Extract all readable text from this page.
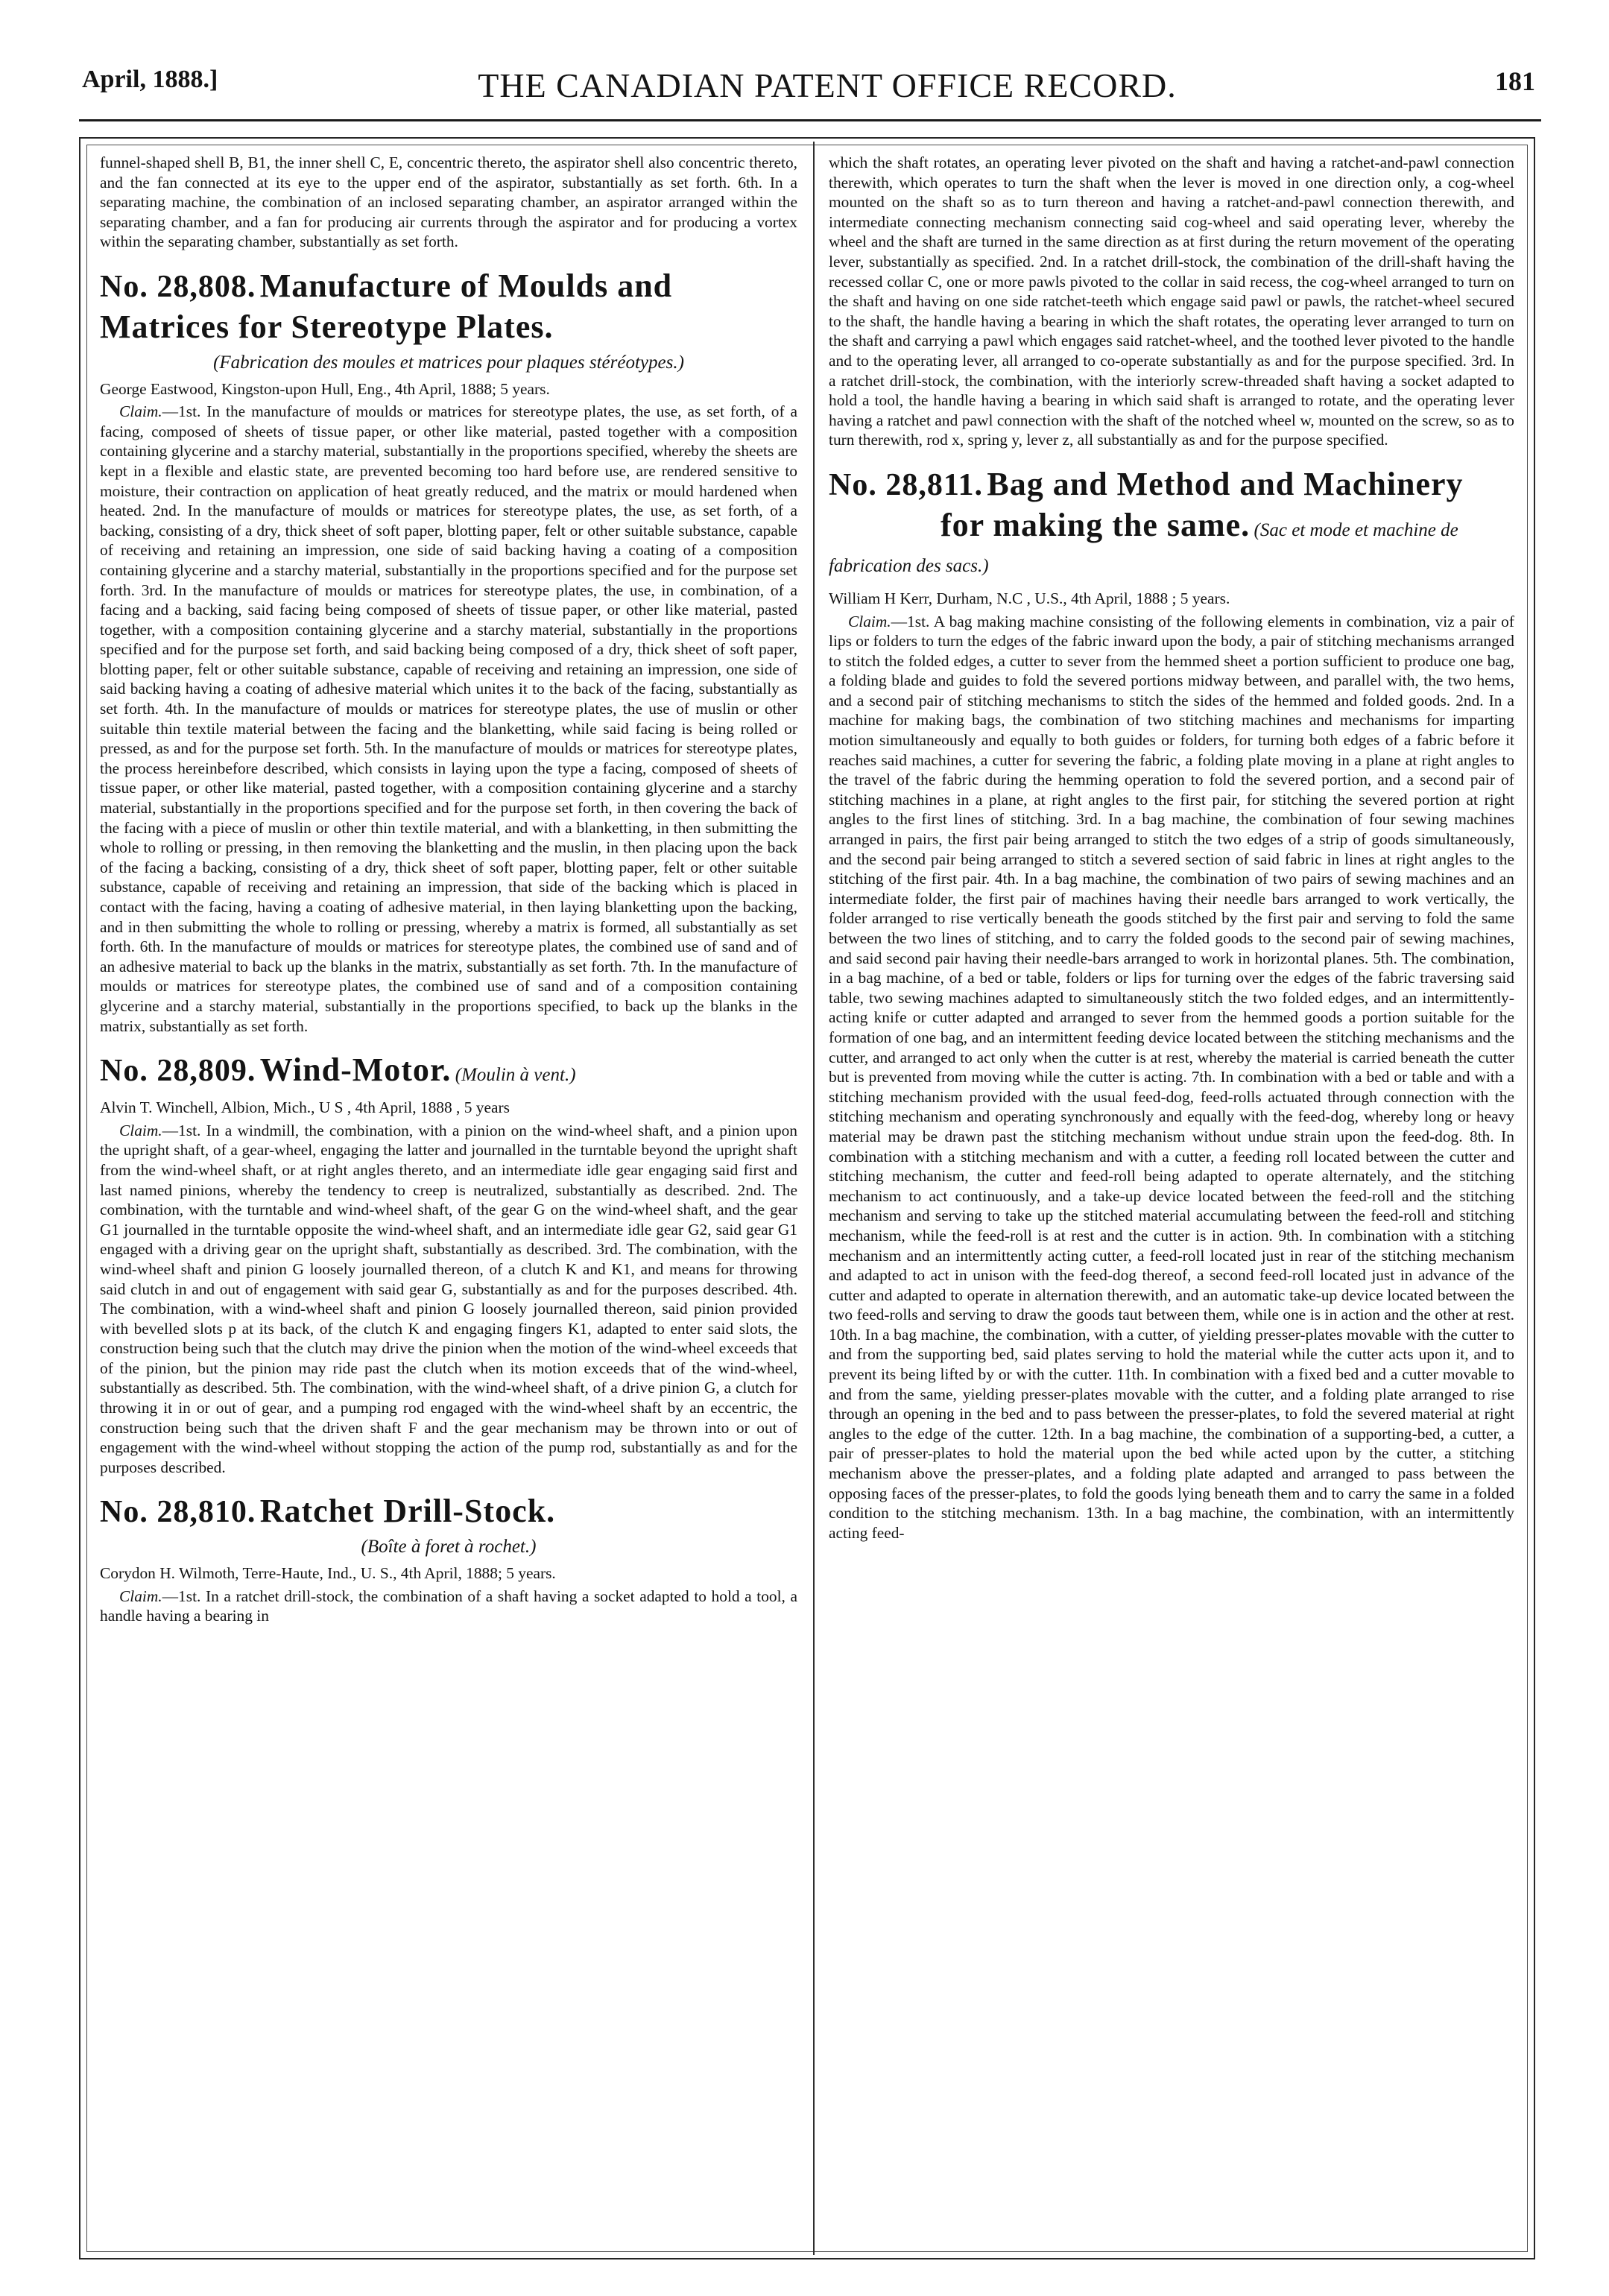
April, 1888.]	THE CANADIAN PATENT OFFICE RECORD.	181

funnel-shaped shell B, B1, the inner shell C, E, concentric thereto, the aspirator shell also concentric thereto, and the fan connected at its eye to the upper end of the aspirator, substantially as set forth. 6th. In a separating machine, the combination of an inclosed separating chamber, an aspirator arranged within the separating chamber, and a fan for producing air currents through the aspirator and for producing a vortex within the separating chamber, substantially as set forth.

No. 28,808. Manufacture of Moulds and Matrices for Stereotype Plates.
(Fabrication des moules et matrices pour plaques stéréotypes.)
George Eastwood, Kingston-upon Hull, Eng., 4th April, 1888; 5 years.

Claim.—1st. In the manufacture of moulds or matrices for stereotype plates, the use, as set forth, of a facing, composed of sheets of tissue paper, or other like material, pasted together with a composition containing glycerine and a starchy material, substantially in the proportions specified, whereby the sheets are kept in a flexible and elastic state, are prevented becoming too hard before use, are rendered sensitive to moisture, their contraction on application of heat greatly reduced, and the matrix or mould hardened when heated. 2nd. In the manufacture of moulds or matrices for stereotype plates, the use, as set forth, of a backing, consisting of a dry, thick sheet of soft paper, blotting paper, felt or other suitable substance, capable of receiving and retaining an impression, one side of said backing having a coating of a composition containing glycerine and a starchy material, substantially in the proportions specified and for the purpose set forth. 3rd. In the manufacture of moulds or matrices for stereotype plates, the use, in combination, of a facing and a backing, said facing being composed of sheets of tissue paper, or other like material, pasted together, with a composition containing glycerine and a starchy material, substantially in the proportions specified and for the purpose set forth, and said backing being composed of a dry, thick sheet of soft paper, blotting paper, felt or other suitable substance, capable of receiving and retaining an impression, one side of said backing having a coating of adhesive material which unites it to the back of the facing, substantially as set forth. 4th. In the manufacture of moulds or matrices for stereotype plates, the use of muslin or other suitable thin textile material between the facing and the blanketting, while said facing is being rolled or pressed, as and for the purpose set forth. 5th. In the manufacture of moulds or matrices for stereotype plates, the process hereinbefore described, which consists in laying upon the type a facing, composed of sheets of tissue paper, or other like material, pasted together, with a composition containing glycerine and a starchy material, substantially in the proportions specified and for the purpose set forth, in then covering the back of the facing with a piece of muslin or other thin textile material, and with a blanketting, in then submitting the whole to rolling or pressing, in then removing the blanketting and the muslin, in then placing upon the back of the facing a backing, consisting of a dry, thick sheet of soft paper, blotting paper, felt or other suitable substance, capable of receiving and retaining an impression, that side of the backing which is placed in contact with the facing, having a coating of adhesive material, in then laying blanketting upon the backing, and in then submitting the whole to rolling or pressing, whereby a matrix is formed, all substantially as set forth. 6th. In the manufacture of moulds or matrices for stereotype plates, the combined use of sand and of an adhesive material to back up the blanks in the matrix, substantially as set forth. 7th. In the manufacture of moulds or matrices for stereotype plates, the combined use of sand and of a composition containing glycerine and a starchy material, substantially in the proportions specified, to back up the blanks in the matrix, substantially as set forth.

No. 28,809. Wind-Motor. (Moulin à vent.)
Alvin T. Winchell, Albion, Mich., U S , 4th April, 1888 , 5 years

Claim.—1st. In a windmill, the combination, with a pinion on the wind-wheel shaft, and a pinion upon the upright shaft, of a gear-wheel, engaging the latter and journalled in the turntable beyond the upright shaft from the wind-wheel shaft, or at right angles thereto, and an intermediate idle gear engaging said first and last named pinions, whereby the tendency to creep is neutralized, substantially as described. 2nd. The combination, with the turntable and wind-wheel shaft, of the gear G on the wind-wheel shaft, and the gear G1 journalled in the turntable opposite the wind-wheel shaft, and an intermediate idle gear G2, said gear G1 engaged with a driving gear on the upright shaft, substantially as described. 3rd. The combination, with the wind-wheel shaft and pinion G loosely journalled thereon, of a clutch K and K1, and means for throwing said clutch in and out of engagement with said gear G, substantially as and for the purposes described. 4th. The combination, with a wind-wheel shaft and pinion G loosely journalled thereon, said pinion provided with bevelled slots p at its back, of the clutch K and engaging fingers K1, adapted to enter said slots, the construction being such that the clutch may drive the pinion when the motion of the wind-wheel exceeds that of the pinion, but the pinion may ride past the clutch when its motion exceeds that of the wind-wheel, substantially as described. 5th. The combination, with the wind-wheel shaft, of a drive pinion G, a clutch for throwing it in or out of gear, and a pumping rod engaged with the wind-wheel shaft by an eccentric, the construction being such that the driven shaft F and the gear mechanism may be thrown into or out of engagement with the wind-wheel without stopping the action of the pump rod, substantially as and for the purposes described.

No. 28,810. Ratchet Drill-Stock.
(Boîte à foret à rochet.)
Corydon H. Wilmoth, Terre-Haute, Ind., U. S., 4th April, 1888; 5 years.

Claim.—1st. In a ratchet drill-stock, the combination of a shaft having a socket adapted to hold a tool, a handle having a bearing in

which the shaft rotates, an operating lever pivoted on the shaft and having a ratchet-and-pawl connection therewith, which operates to turn the shaft when the lever is moved in one direction only, a cog-wheel mounted on the shaft so as to turn thereon and having a ratchet-and-pawl connection therewith, and intermediate connecting mechanism connecting said cog-wheel and said operating lever, whereby the wheel and the shaft are turned in the same direction as at first during the return movement of the operating lever, substantially as specified. 2nd. In a ratchet drill-stock, the combination of the drill-shaft having the recessed collar C, one or more pawls pivoted to the collar in said recess, the cog-wheel arranged to turn on the shaft and having on one side ratchet-teeth which engage said pawl or pawls, the ratchet-wheel secured to the shaft, the handle having a bearing in which the shaft rotates, the operating lever arranged to turn on the shaft and carrying a pawl which engages said ratchet-wheel, and the toothed lever pivoted to the handle and to the operating lever, all arranged to co-operate substantially as and for the purpose specified. 3rd. In a ratchet drill-stock, the combination, with the interiorly screw-threaded shaft having a socket adapted to hold a tool, the handle having a bearing in which said shaft is arranged to rotate, and the operating lever having a ratchet and pawl connection with the shaft of the notched wheel w, mounted on the screw, so as to turn therewith, rod x, spring y, lever z, all substantially as and for the purpose specified.

No. 28,811. Bag and Method and Machinery
for making the same. (Sac et mode et machine de fabrication des sacs.)
William H Kerr, Durham, N.C , U.S., 4th April, 1888 ; 5 years.

Claim.—1st. A bag making machine consisting of the following elements in combination, viz a pair of lips or folders to turn the edges of the fabric inward upon the body, a pair of stitching mechanisms arranged to stitch the folded edges, a cutter to sever from the hemmed sheet a portion sufficient to produce one bag, a folding blade and guides to fold the severed portions midway between, and parallel with, the two hems, and a second pair of stitching mechanisms to stitch the sides of the hemmed and folded goods. 2nd. In a machine for making bags, the combination of two stitching machines and mechanisms for imparting motion simultaneously and equally to both guides or folders, for turning both edges of a fabric before it reaches said machines, a cutter for severing the fabric, a folding plate moving in a plane at right angles to the travel of the fabric during the hemming operation to fold the severed portion, and a second pair of stitching machines in a plane, at right angles to the first pair, for stitching the severed portion at right angles to the first lines of stitching. 3rd. In a bag machine, the combination of four sewing machines arranged in pairs, the first pair being arranged to stitch the two edges of a strip of goods simultaneously, and the second pair being arranged to stitch a severed section of said fabric in lines at right angles to the stitching of the first pair. 4th. In a bag machine, the combination of two pairs of sewing machines and an intermediate folder, the first pair of machines having their needle bars arranged to work vertically, the folder arranged to rise vertically beneath the goods stitched by the first pair and serving to fold the same between the two lines of stitching, and to carry the folded goods to the second pair of sewing machines, and said second pair having their needle-bars arranged to work in horizontal planes. 5th. The combination, in a bag machine, of a bed or table, folders or lips for turning over the edges of the fabric traversing said table, two sewing machines adapted to simultaneously stitch the two folded edges, and an intermittently-acting knife or cutter adapted and arranged to sever from the hemmed goods a portion suitable for the formation of one bag, and an intermittent feeding device located between the stitching mechanisms and the cutter, and arranged to act only when the cutter is at rest, whereby the material is carried beneath the cutter but is prevented from moving while the cutter is acting. 7th. In combination with a bed or table and with a stitching mechanism provided with the usual feed-dog, feed-rolls actuated through connection with the stitching mechanism and operating synchronously and equally with the feed-dog, whereby long or heavy material may be drawn past the stitching mechanism without undue strain upon the feed-dog. 8th. In combination with a stitching mechanism and with a cutter, a feeding roll located between the cutter and stitching mechanism, the cutter and feed-roll being adapted to operate alternately, and the stitching mechanism to act continuously, and a take-up device located between the feed-roll and the stitching mechanism and serving to take up the stitched material accumulating between the feed-roll and stitching mechanism, while the feed-roll is at rest and the cutter is in action. 9th. In combination with a stitching mechanism and an intermittently acting cutter, a feed-roll located just in rear of the stitching mechanism and adapted to act in unison with the feed-dog thereof, a second feed-roll located just in advance of the cutter and adapted to operate in alternation therewith, and an automatic take-up device located between the two feed-rolls and serving to draw the goods taut between them, while one is in action and the other at rest. 10th. In a bag machine, the combination, with a cutter, of yielding presser-plates movable with the cutter to and from the supporting bed, said plates serving to hold the material while the cutter acts upon it, and to prevent its being lifted by or with the cutter. 11th. In combination with a fixed bed and a cutter movable to and from the same, yielding presser-plates movable with the cutter, and a folding plate arranged to rise through an opening in the bed and to pass between the presser-plates, to fold the severed material at right angles to the edge of the cutter. 12th. In a bag machine, the combination of a supporting-bed, a cutter, a pair of presser-plates to hold the material upon the bed while acted upon by the cutter, a stitching mechanism above the presser-plates, and a folding plate adapted and arranged to pass between the opposing faces of the presser-plates, to fold the goods lying beneath them and to carry the same in a folded condition to the stitching mechanism. 13th. In a bag machine, the combination, with an intermittently acting feed-
